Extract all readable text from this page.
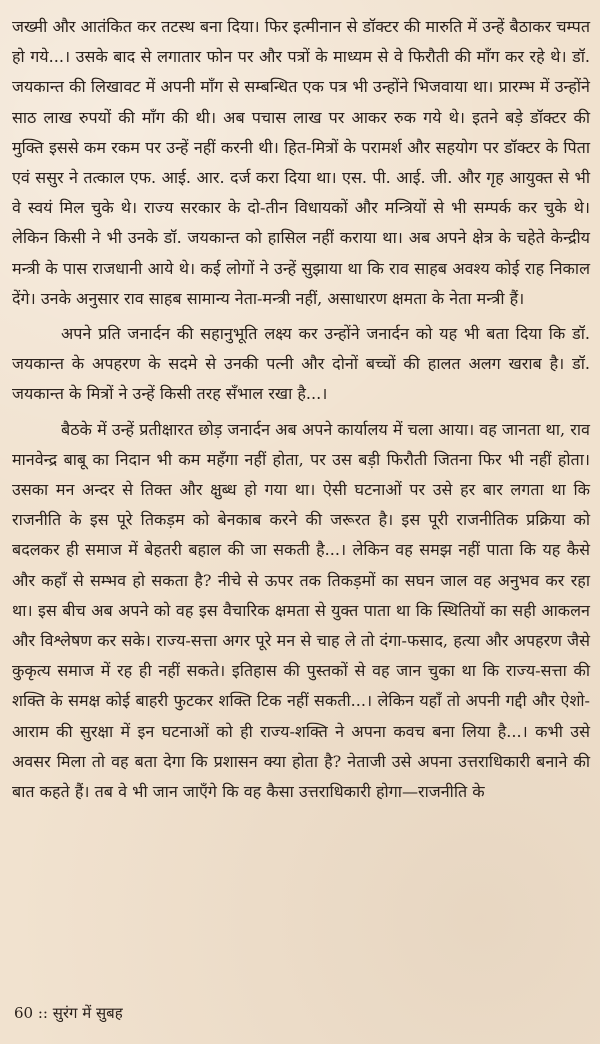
जख्मी और आतंकित कर तटस्थ बना दिया। फिर इत्मीनान से डॉक्टर की मारुति में उन्हें बैठाकर चम्पत हो गये...। उसके बाद से लगातार फोन पर और पत्रों के माध्यम से वे फिरौती की माँग कर रहे थे। डॉ. जयकान्त की लिखावट में अपनी माँग से सम्बन्धित एक पत्र भी उन्होंने भिजवाया था। प्रारम्भ में उन्होंने साठ लाख रुपयों की माँग की थी। अब पचास लाख पर आकर रुक गये थे। इतने बड़े डॉक्टर की मुक्ति इससे कम रकम पर उन्हें नहीं करनी थी। हित-मित्रों के परामर्श और सहयोग पर डॉक्टर के पिता एवं ससुर ने तत्काल एफ. आई. आर. दर्ज करा दिया था। एस. पी. आई. जी. और गृह आयुक्त से भी वे स्वयं मिल चुके थे। राज्य सरकार के दो-तीन विधायकों और मन्त्रियों से भी सम्पर्क कर चुके थे। लेकिन किसी ने भी उनके डॉ. जयकान्त को हासिल नहीं कराया था। अब अपने क्षेत्र के चहेते केन्द्रीय मन्त्री के पास राजधानी आये थे। कई लोगों ने उन्हें सुझाया था कि राव साहब अवश्य कोई राह निकाल देंगे। उनके अनुसार राव साहब सामान्य नेता-मन्त्री नहीं, असाधारण क्षमता के नेता मन्त्री हैं।

अपने प्रति जनार्दन की सहानुभूति लक्ष्य कर उन्होंने जनार्दन को यह भी बता दिया कि डॉ. जयकान्त के अपहरण के सदमे से उनकी पत्नी और दोनों बच्चों की हालत अलग खराब है। डॉ. जयकान्त के मित्रों ने उन्हें किसी तरह सँभाल रखा है...।

बैठके में उन्हें प्रतीक्षारत छोड़ जनार्दन अब अपने कार्यालय में चला आया। वह जानता था, राव मानवेन्द्र बाबू का निदान भी कम महँगा नहीं होता, पर उस बड़ी फिरौती जितना फिर भी नहीं होता। उसका मन अन्दर से तिक्त और क्षुब्ध हो गया था। ऐसी घटनाओं पर उसे हर बार लगता था कि राजनीति के इस पूरे तिकड़म को बेनकाब करने की जरूरत है। इस पूरी राजनीतिक प्रक्रिया को बदलकर ही समाज में बेहतरी बहाल की जा सकती है...। लेकिन वह समझ नहीं पाता कि यह कैसे और कहाँ से सम्भव हो सकता है? नीचे से ऊपर तक तिकड़मों का सघन जाल वह अनुभव कर रहा था। इस बीच अब अपने को वह इस वैचारिक क्षमता से युक्त पाता था कि स्थितियों का सही आकलन और विश्लेषण कर सके। राज्य-सत्ता अगर पूरे मन से चाह ले तो दंगा-फसाद, हत्या और अपहरण जैसे कुकृत्य समाज में रह ही नहीं सकते। इतिहास की पुस्तकों से वह जान चुका था कि राज्य-सत्ता की शक्ति के समक्ष कोई बाहरी फुटकर शक्ति टिक नहीं सकती...। लेकिन यहाँ तो अपनी गद्दी और ऐशो-आराम की सुरक्षा में इन घटनाओं को ही राज्य-शक्ति ने अपना कवच बना लिया है...। कभी उसे अवसर मिला तो वह बता देगा कि प्रशासन क्या होता है? नेताजी उसे अपना उत्तराधिकारी बनाने की बात कहते हैं। तब वे भी जान जाएँगे कि वह कैसा उत्तराधिकारी होगा—राजनीति के

60 :: सुरंग में सुबह
